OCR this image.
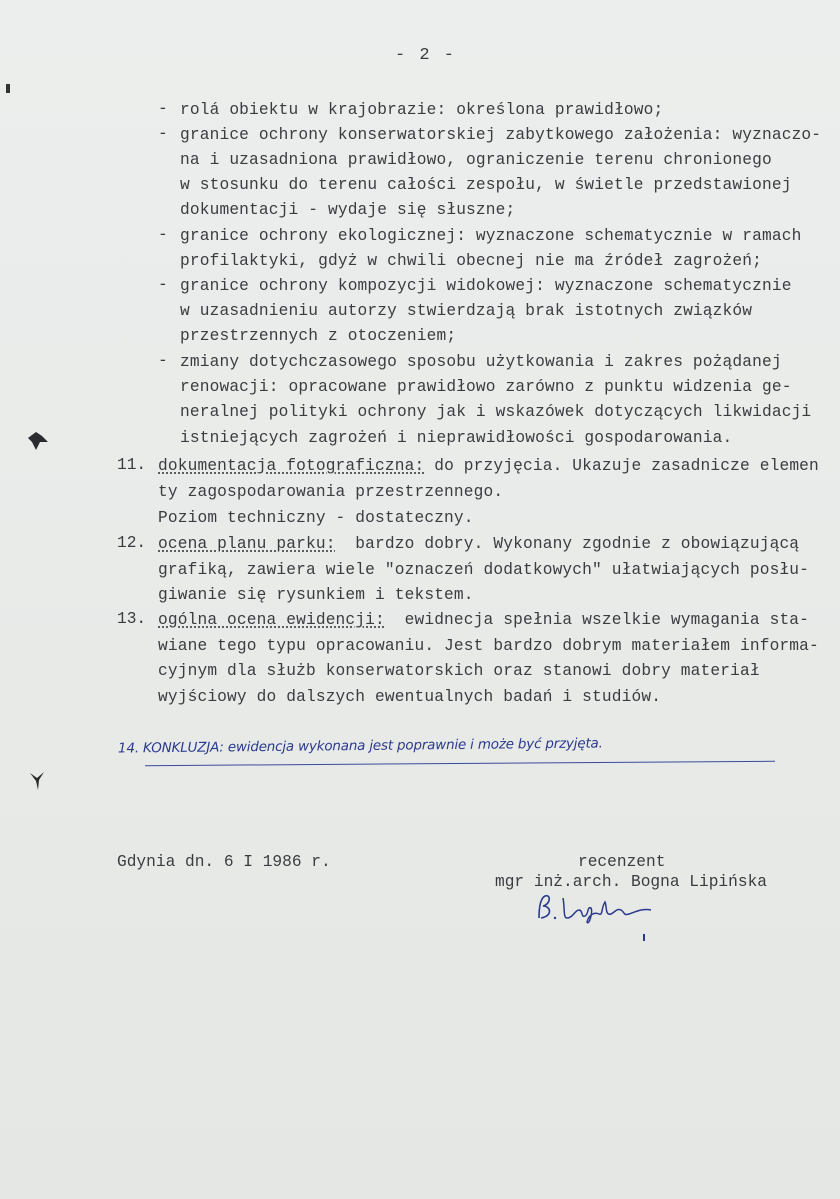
- 2 -
- rolá obiektu w krajobrazie: określona prawidłowo;
- granice ochrony konserwatorskiej zabytkowego założenia: wyznaczo-
na i uzasadniona prawidłowo, ograniczenie terenu chronionego
w stosunku do terenu całości zespołu, w świetle przedstawionej
dokumentacji - wydaje się słuszne;
- granice ochrony ekologicznej: wyznaczone schematycznie w ramach
profilaktyki, gdyż w chwili obecnej nie ma źródeł zagrożeń;
- granice ochrony kompozycji widokowej: wyznaczone schematycznie
w uzasadnieniu autorzy stwierdzają brak istotnych związków
przestrzennych z otoczeniem;
- zmiany dotychczasowego sposobu użytkowania i zakres pożądanej
renowacji: opracowane prawidłowo zarówno z punktu widzenia ge-
neralnej polityki ochrony jak i wskazówek dotyczących likwidacji
istniejących zagrożeń i nieprawidłowości gospodarowania.
11. dokumentacja fotograficzna: do przyjęcia. Ukazuje zasadnicze elemen
ty zagospodarowania przestrzennego.
Poziom techniczny - dostateczny.
12. ocena planu parku:  bardzo dobry. Wykonany zgodnie z obowiązującą
grafiką, zawiera wiele "oznaczeń dodatkowych" ułatwiających posłu-
giwanie się rysunkiem i tekstem.
13. ogólna ocena ewidencji:  ewidnecja spełnia wszelkie wymagania sta-
wiane tego typu opracowaniu. Jest bardzo dobrym materiałem informa-
cyjnym dla służb konserwatorskich oraz stanowi dobry materiał
wyjściowy do dalszych ewentualnych badań i studiów.
14. KONKLUZJA: ewidencja wykonana jest poprawnie i może być przyjęta.
Gdynia dn. 6 I 1986 r.	recenzent
mgr inż.arch. Bogna Lipińska
